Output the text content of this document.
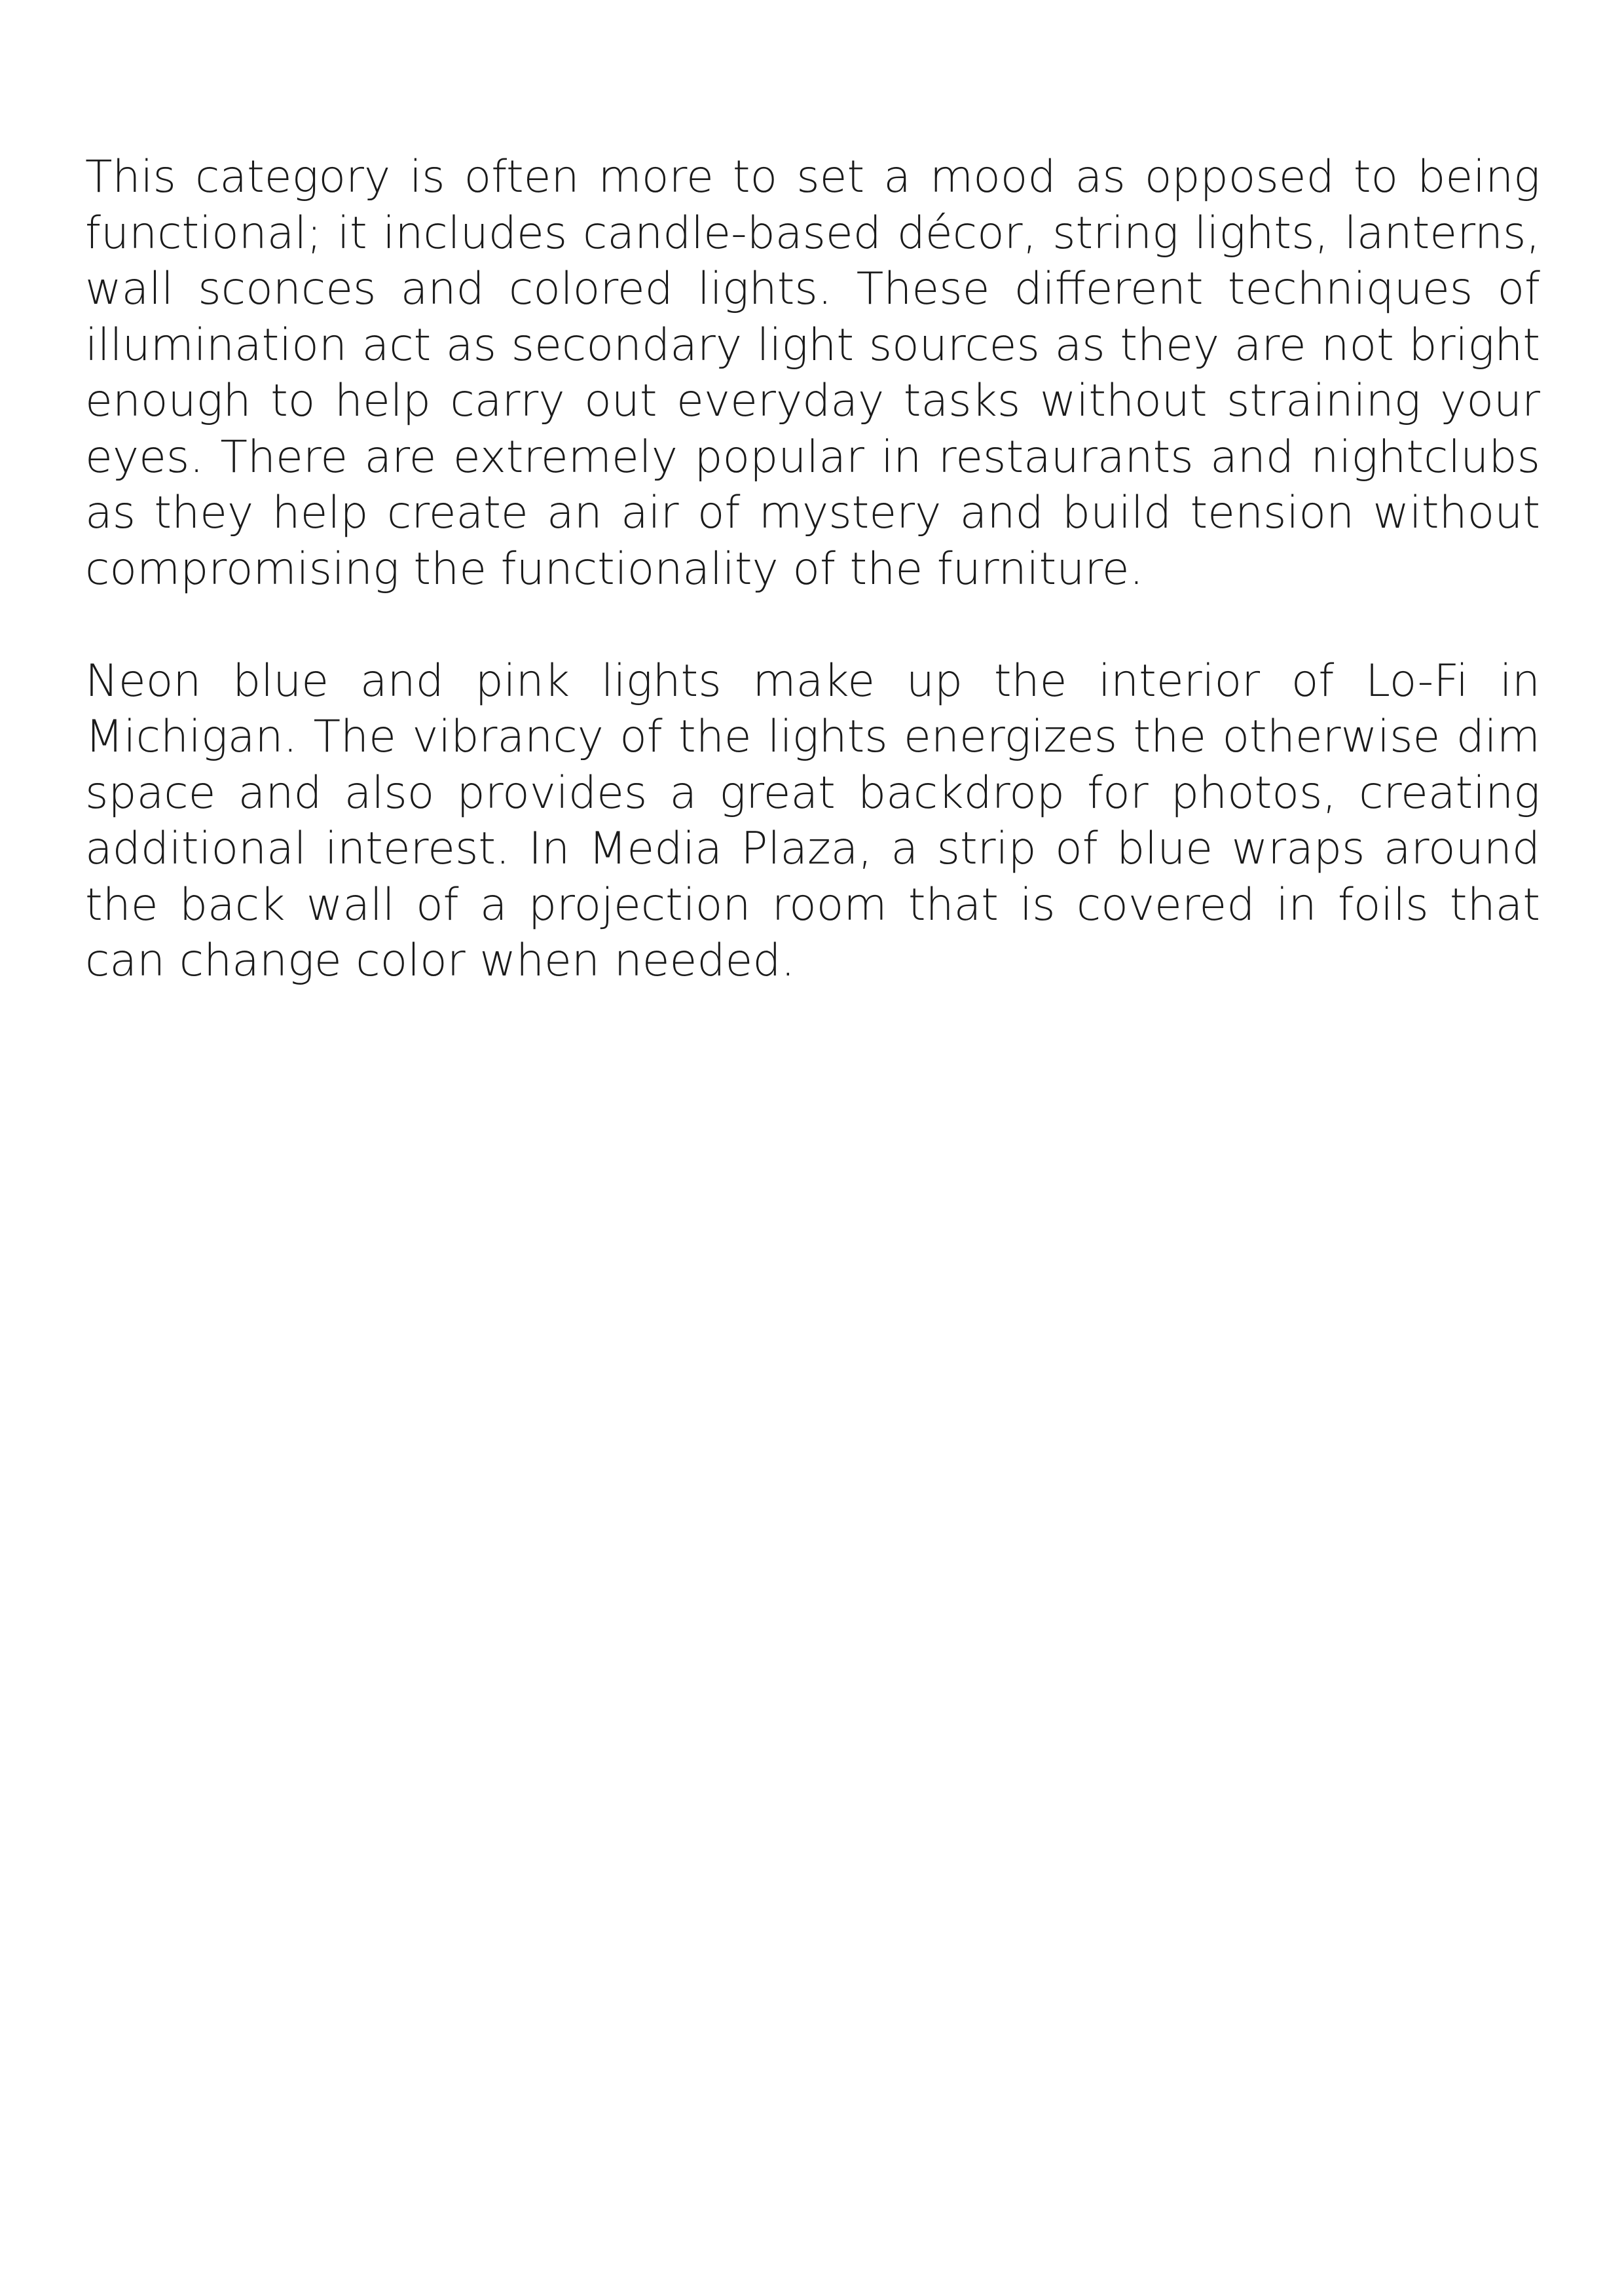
This category is often more to set a mood as opposed to being functional; it includes candle-based décor, string lights, lanterns, wall sconces and colored lights. These different techniques of illumination act as secondary light sources as they are not bright enough to help carry out everyday tasks without straining your eyes. There are extremely popular in restaurants and nightclubs as they help create an air of mystery and build tension without compromising the functionality of the furniture.

Neon blue and pink lights make up the interior of Lo-Fi in Michigan. The vibrancy of the lights energizes the otherwise dim space and also provides a great backdrop for photos, creating additional interest. In Media Plaza, a strip of blue wraps around the back wall of a projection room that is covered in foils that can change color when needed.
